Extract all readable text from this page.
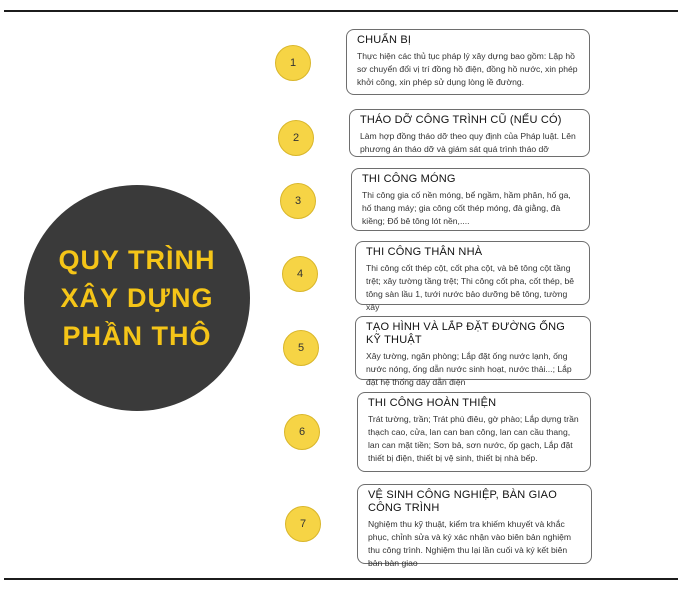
QUY TRÌNH
XÂY DỰNG
PHẦN THÔ
1
CHUẨN BỊ
Thực hiện các thủ tục pháp lý xây dựng bao gồm: Lập hồ sơ chuyển đổi vị trí đồng hồ điện, đồng hồ nước, xin phép khởi công, xin phép sử dụng lòng lề đường.
2
THÁO DỠ CÔNG TRÌNH CŨ (NẾU CÓ)
Làm hợp đồng tháo dỡ theo quy định của Pháp luật. Lên phương án tháo dỡ và giám sát quá trình tháo dỡ
3
THI CÔNG MÓNG
Thi công gia cố nền móng, bể ngầm, hầm phân, hố ga, hố thang máy; gia công cốt thép móng, đà giằng, đà kiềng; Đổ bê tông lót nền,....
4
THI CÔNG THÂN NHÀ
Thi công cốt thép cột, cốt pha cột, và bê tông cột tầng trệt; xây tường tầng trệt; Thi công cốt pha, cốt thép, bê tông sàn lầu 1, tưới nước bảo dưỡng bê tông, tường xây
5
TẠO HÌNH VÀ LẮP ĐẶT ĐƯỜNG ỐNG KỸ THUẬT
Xây tường, ngăn phòng; Lắp đặt ống nước lạnh, ống nước nóng, ống dẫn nước sinh hoạt, nước thải...; Lắp đặt hệ thống dây dẫn điện
6
THI CÔNG HOÀN THIỆN
Trát tường, trần; Trát phù điêu, gờ phào; Lắp dựng trần thạch cao, cửa, lan can ban công, lan can cầu thang, lan can mặt tiền; Sơn bả, sơn nước, ốp gạch, Lắp đặt thiết bị điện, thiết bị vệ sinh, thiết bị nhà bếp.
7
VỆ SINH CÔNG NGHIỆP, BÀN GIAO CÔNG TRÌNH
Nghiệm thu kỹ thuật, kiểm tra khiếm khuyết và khắc phục, chỉnh sửa và ký xác nhận vào biên bản nghiệm thu công trình. Nghiệm thu lại lần cuối và ký kết biên bản bàn giao
